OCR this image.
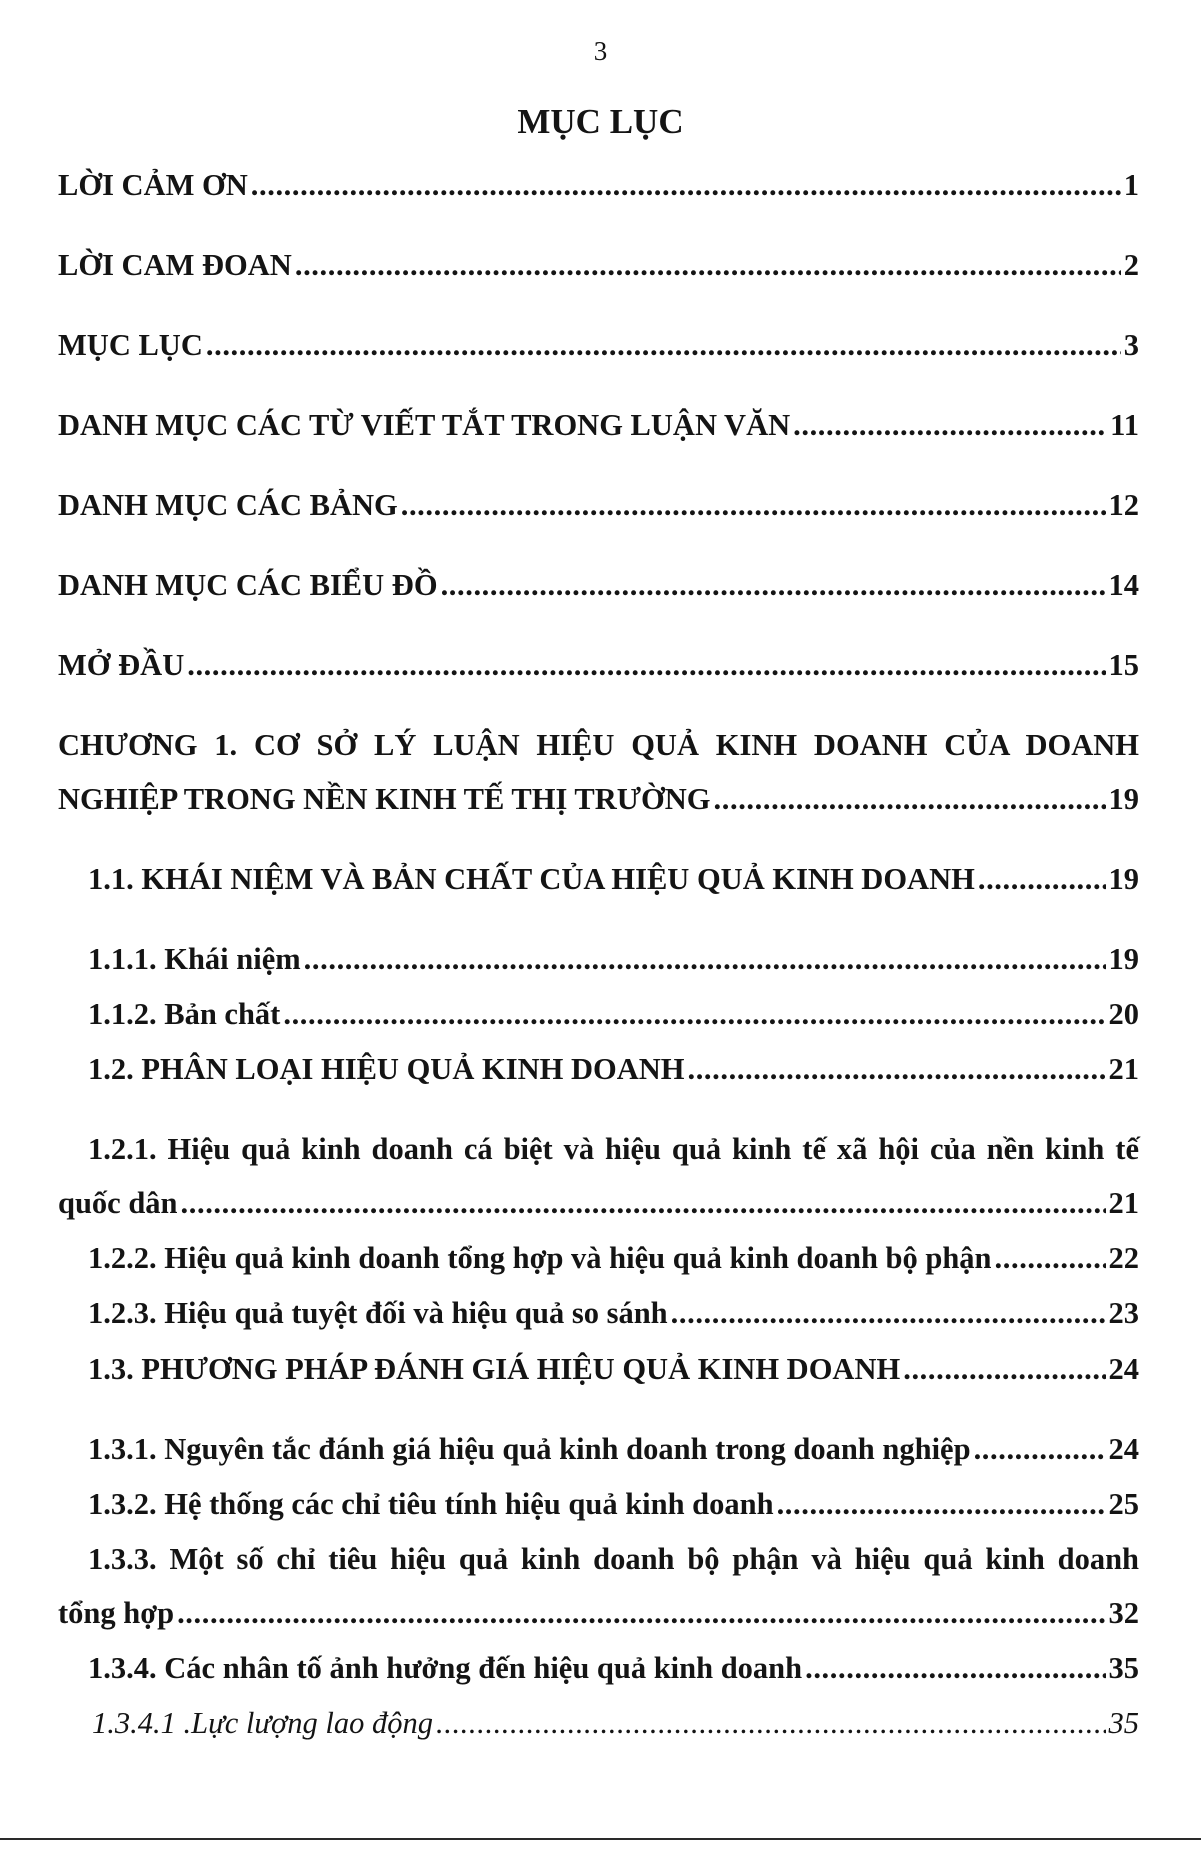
3
MỤC LỤC
LỜI CẢM ƠN .....	1
LỜI CAM ĐOAN .....	2
MỤC LỤC .....	3
DANH MỤC CÁC TỪ VIẾT TẮT TRONG LUẬN VĂN .....	11
DANH MỤC CÁC BẢNG .....	12
DANH MỤC CÁC BIỂU ĐỒ .....	14
MỞ ĐẦU .....	15
CHƯƠNG 1. CƠ SỞ LÝ LUẬN HIỆU QUẢ KINH DOANH CỦA DOANH
NGHIỆP TRONG NỀN KINH TẾ THỊ TRƯỜNG .....	19
1.1. KHÁI NIỆM VÀ BẢN CHẤT CỦA HIỆU QUẢ KINH DOANH .....	19
1.1.1. Khái niệm .....	19
1.1.2. Bản chất .....	20
1.2. PHÂN LOẠI HIỆU QUẢ KINH DOANH .....	21
1.2.1. Hiệu quả kinh doanh cá biệt và hiệu quả kinh tế xã hội của nền kinh tế
quốc dân .....	21
1.2.2. Hiệu quả kinh doanh tổng hợp và hiệu quả kinh doanh bộ phận .....	22
1.2.3. Hiệu quả tuyệt đối và hiệu quả so sánh .....	23
1.3. PHƯƠNG PHÁP ĐÁNH GIÁ HIỆU QUẢ KINH DOANH .....	24
1.3.1. Nguyên tắc đánh giá hiệu quả kinh doanh trong doanh nghiệp .....	24
1.3.2. Hệ thống các chỉ tiêu tính hiệu quả kinh doanh .....	25
1.3.3. Một số chỉ tiêu hiệu quả kinh doanh bộ phận và hiệu quả kinh doanh
tổng hợp .....	32
1.3.4. Các nhân tố ảnh hưởng đến hiệu quả kinh doanh .....	35
1.3.4.1 .Lực lượng lao động .....	35
